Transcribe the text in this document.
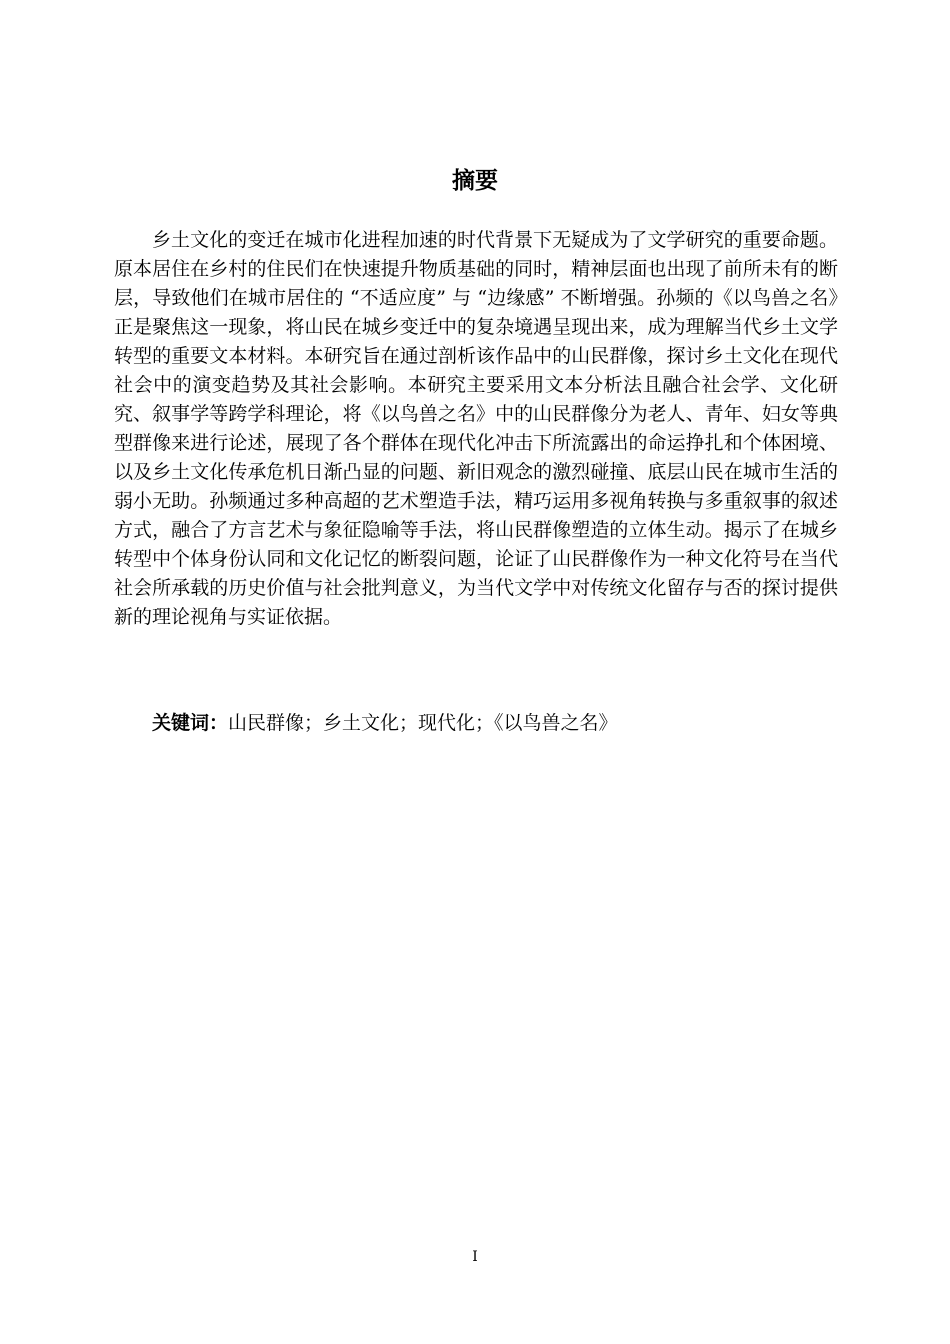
摘要

乡土文化的变迁在城市化进程加速的时代背景下无疑成为了文学研究的重要命题。原本居住在乡村的住民们在快速提升物质基础的同时，精神层面也出现了前所未有的断层，导致他们在城市居住的 “不适应度” 与 “边缘感” 不断增强。孙频的《以鸟兽之名》正是聚焦这一现象，将山民在城乡变迁中的复杂境遇呈现出来，成为理解当代乡土文学转型的重要文本材料。本研究旨在通过剖析该作品中的山民群像，探讨乡土文化在现代社会中的演变趋势及其社会影响。本研究主要采用文本分析法且融合社会学、文化研究、叙事学等跨学科理论，将《以鸟兽之名》中的山民群像分为老人、青年、妇女等典型群像来进行论述，展现了各个群体在现代化冲击下所流露出的命运挣扎和个体困境、以及乡土文化传承危机日渐凸显的问题、新旧观念的激烈碰撞、底层山民在城市生活的弱小无助。孙频通过多种高超的艺术塑造手法，精巧运用多视角转换与多重叙事的叙述方式，融合了方言艺术与象征隐喻等手法，将山民群像塑造的立体生动。揭示了在城乡转型中个体身份认同和文化记忆的断裂问题，论证了山民群像作为一种文化符号在当代社会所承载的历史价值与社会批判意义，为当代文学中对传统文化留存与否的探讨提供新的理论视角与实证依据。

关键词：山民群像；乡土文化；现代化；《以鸟兽之名》

I
